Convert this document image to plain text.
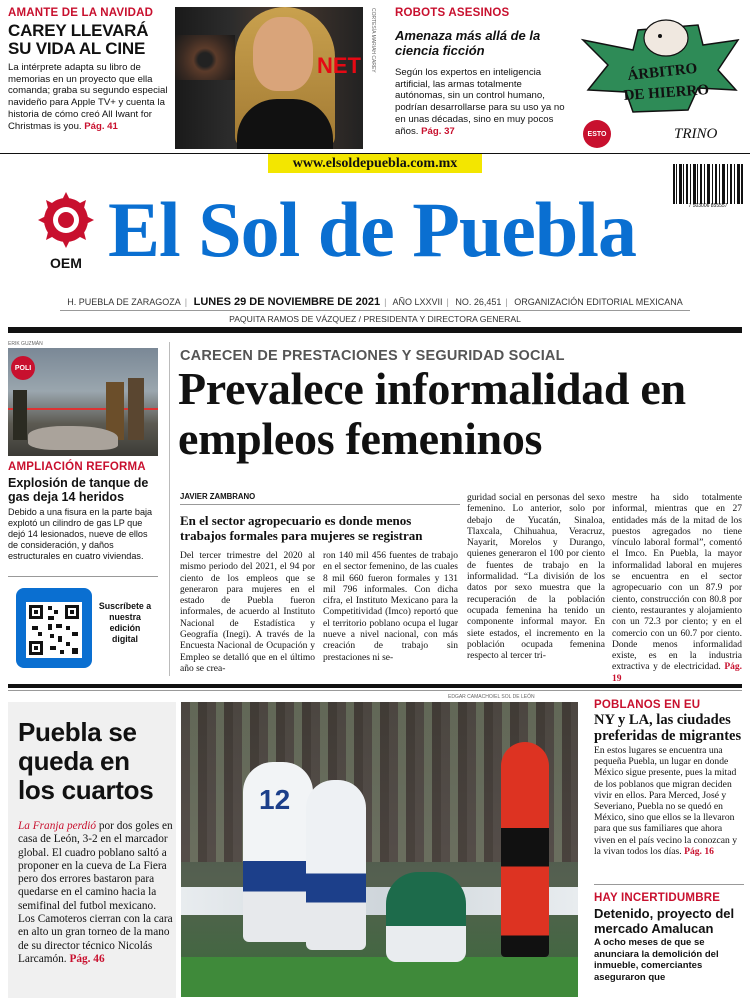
AMANTE DE LA NAVIDAD
CAREY LLEVARÁ SU VIDA AL CINE
La intérprete adapta su libro de memorias en un proyecto que ella comanda; graba su segundo especial navideño para Apple TV+ y cuenta la historia de cómo creó All Iwant for Christmas is you. Pág. 41
NET	CORTESÍA MARIAH CAREY ROBOTS ASESINOS
Amenaza más allá de la ciencia ficción
Según los expertos en inteligencia artificial, las armas totalmente autónomas, sin un control humano, podrían desarrollarse para su uso ya no en unas décadas, sino en muy pocos años. Pág. 37
ÁRBITRO
DE HIERRO
TRINO
ESTO
www.elsoldepuebla.com.mx
7 503006 855557
OEM El Sol de Puebla
H. PUEBLA DE ZARAGOZA | LUNES 29 DE NOVIEMBRE DE 2021 | AÑO LXXVII | NO. 26,451 | ORGANIZACIÓN EDITORIAL MEXICANA
PAQUITA RAMOS DE VÁZQUEZ / PRESIDENTA Y DIRECTORA GENERAL
ERIK GUZMÁN
POLI
AMPLIACIÓN REFORMA
Explosión de tanque de gas deja 14 heridos
Debido a una fisura en la parte baja explotó un cilindro de gas LP que dejó 14 lesionados, nueve de ellos de consideración, y daños estructurales en cuatro viviendas.
Suscríbete a nuestra edición digital
CARECEN DE PRESTACIONES Y SEGURIDAD SOCIAL
Prevalece informalidad en empleos femeninos
JAVIER ZAMBRANO
En el sector agropecuario es donde menos trabajos formales para mujeres se registran
Del tercer trimestre del 2020 al mismo periodo del 2021, el 94 por ciento de los empleos que se generaron para mujeres en el estado de Puebla fueron informales, de acuerdo al Instituto Nacional de Estadística y Geografía (Inegi). A través de la Encuesta Nacional de Ocupación y Empleo se detalló que en el último año se crea-
ron 140 mil 456 fuentes de trabajo en el sector femenino, de las cuales 8 mil 660 fueron formales y 131 mil 796 informales. Con dicha cifra, el Instituto Mexicano para la Competitividad (Imco) reportó que el territorio poblano ocupa el lugar nueve a nivel nacional, con más creación de trabajo sin prestaciones ni se-
guridad social en personas del sexo femenino. Lo anterior, solo por debajo de Yucatán, Sinaloa, Tlaxcala, Chihuahua, Veracruz, Nayarit, Morelos y Durango, quienes generaron el 100 por ciento de fuentes de trabajo en la informalidad. “La división de los datos por sexo muestra que la recuperación de la población ocupada femenina ha tenido un componente informal mayor. En siete estados, el incremento en la población ocupada femenina respecto al tercer tri-
mestre ha sido totalmente informal, mientras que en 27 entidades más de la mitad de los puestos agregados no tiene vínculo laboral formal”, comentó el Imco. En Puebla, la mayor informalidad laboral en mujeres se encuentra en el sector agropecuario con un 87.9 por ciento, construcción con 80.8 por ciento, restaurantes y alojamiento con un 72.3 por ciento; y en el comercio con un 60.7 por ciento. Donde menos informalidad existe, es en la industria extractiva y de electricidad. Pág. 19
Puebla se queda en los cuartos
La Franja perdió por dos goles en casa de León, 3-2 en el marcador global. El cuadro poblano saltó a proponer en la cueva de La Fiera pero dos errores bastaron para quedarse en el camino hacia la semifinal del futbol mexicano. Los Camoteros cierran con la cara en alto un gran torneo de la mano de su director técnico Nicolás Larcamón. Pág. 46
EDGAR CAMACHO/EL SOL DE LEÓN
12
POBLANOS EN EU
NY y LA, las ciudades preferidas de migrantes
En estos lugares se encuentra una pequeña Puebla, un lugar en donde México sigue presente, pues la mitad de los poblanos que migran deciden vivir en ellos. Para Merced, José y Severiano, Puebla no se quedó en México, sino que ellos se la llevaron para que sus familiares que ahora viven en el país vecino la conozcan y la vivan todos los días. Pág. 16
HAY INCERTIDUMBRE
Detenido, proyecto del mercado Amalucan
A ocho meses de que se anunciara la demolición del inmueble, comerciantes aseguraron que
